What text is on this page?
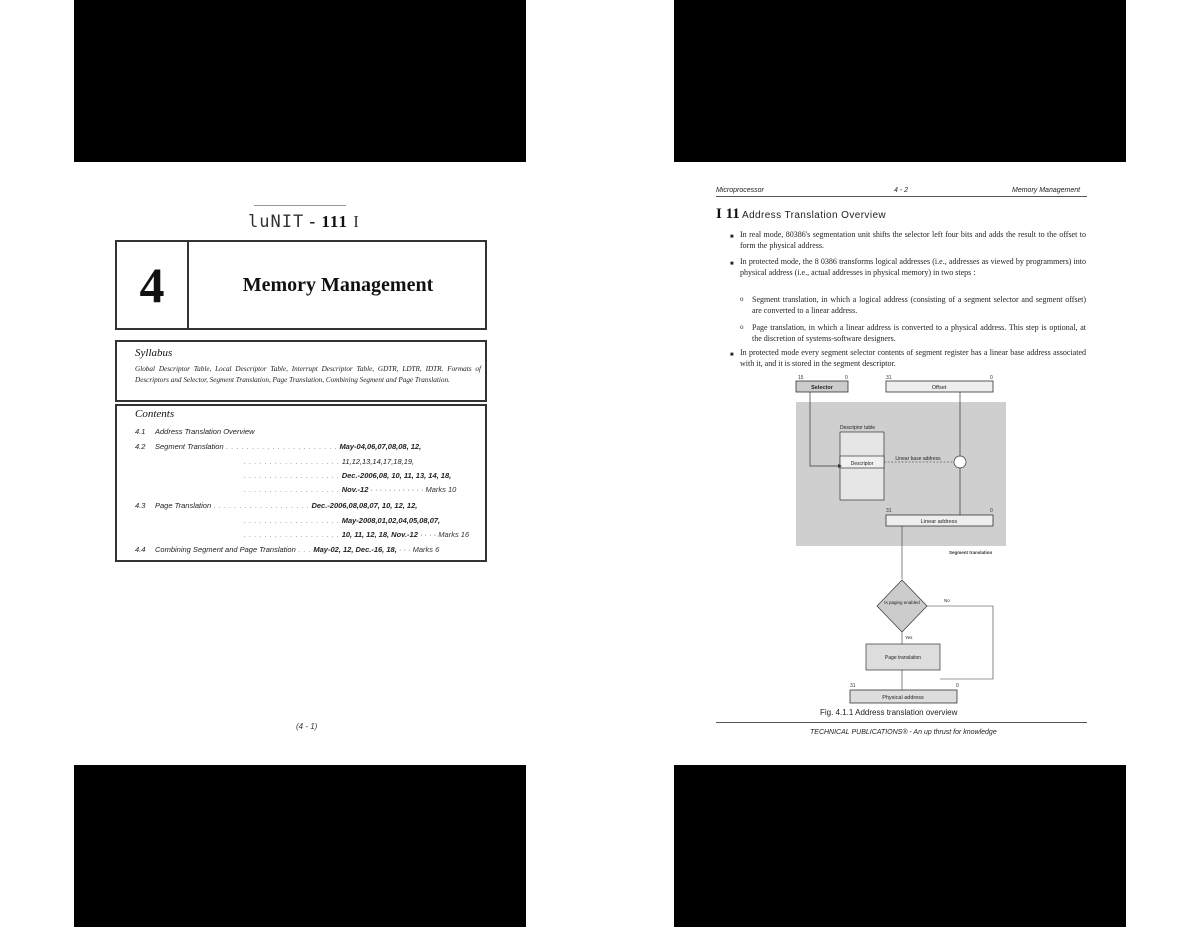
luNIT - 111 I
4	Memory Management
Syllabus
Global Descriptor Table, Local Descriptor Table, Interrupt Descriptor Table, GDTR, LDTR, IDTR. Formats of Descriptors and Selector, Segment Translation, Page Translation, Combining Segment and Page Translation.
Contents
4.1 Address Translation Overview
4.2 Segment Translation . . . . . . . . . . . . . . . . . . . . . . May-04,06,07,08,08, 12,
. . . . . . . . . . . . . . . . . . . 11,12,13,14,17,18,19,
. . . . . . . . . . . . . . . . . . . Dec.-2006,08, 10, 11, 13, 14, 18,
. . . . . . . . . . . . . . . . . . . Nov.-12 · · · · · · · · · · · · Marks 10
4.3 Page Translation . . . . . . . . . . . . . . . . . . . Dec.-2006,08,08,07, 10, 12, 12,
. . . . . . . . . . . . . . . . . . . May-2008,01,02,04,05,08,07,
. . . . . . . . . . . . . . . . . . . 10, 11, 12, 18, Nov.-12 · · · · Marks 16
4.4 Combining Segment and Page Translation . . . May-02, 12, Dec.-16, 18, · · · Marks 6
(4 - 1)
Microprocessor	4 - 2	Memory Management
I 11 Address Translation Overview
■ In real mode, 80386's segmentation unit shifts the selector left four bits and adds the result to the offset to form the physical address.
■ In protected mode, the 8 0386 transforms logical addresses (i.e., addresses as viewed by programmers) into physical address (i.e., actual addresses in physical memory) in two steps :
o Segment translation, in which a logical address (consisting of a segment selector and segment offset) are converted to a linear address.
o Page translation, in which a linear address is converted to a physical address. This step is optional, at the discretion of systems-software designers.
■ In protected mode every segment selector contents of segment register has a linear base address associated with it, and it is stored in the segment descriptor.
15	0	31	0
Selector	Offset
Descriptor table
Descriptor
Linear base address
31	0
Linear address
Segment translation
Is paging enabled	No
Yes
Page translation
31	0
Physical address
Fig. 4.1.1 Address translation overview
TECHNICAL PUBLICATIONS® - An up thrust for knowledge
